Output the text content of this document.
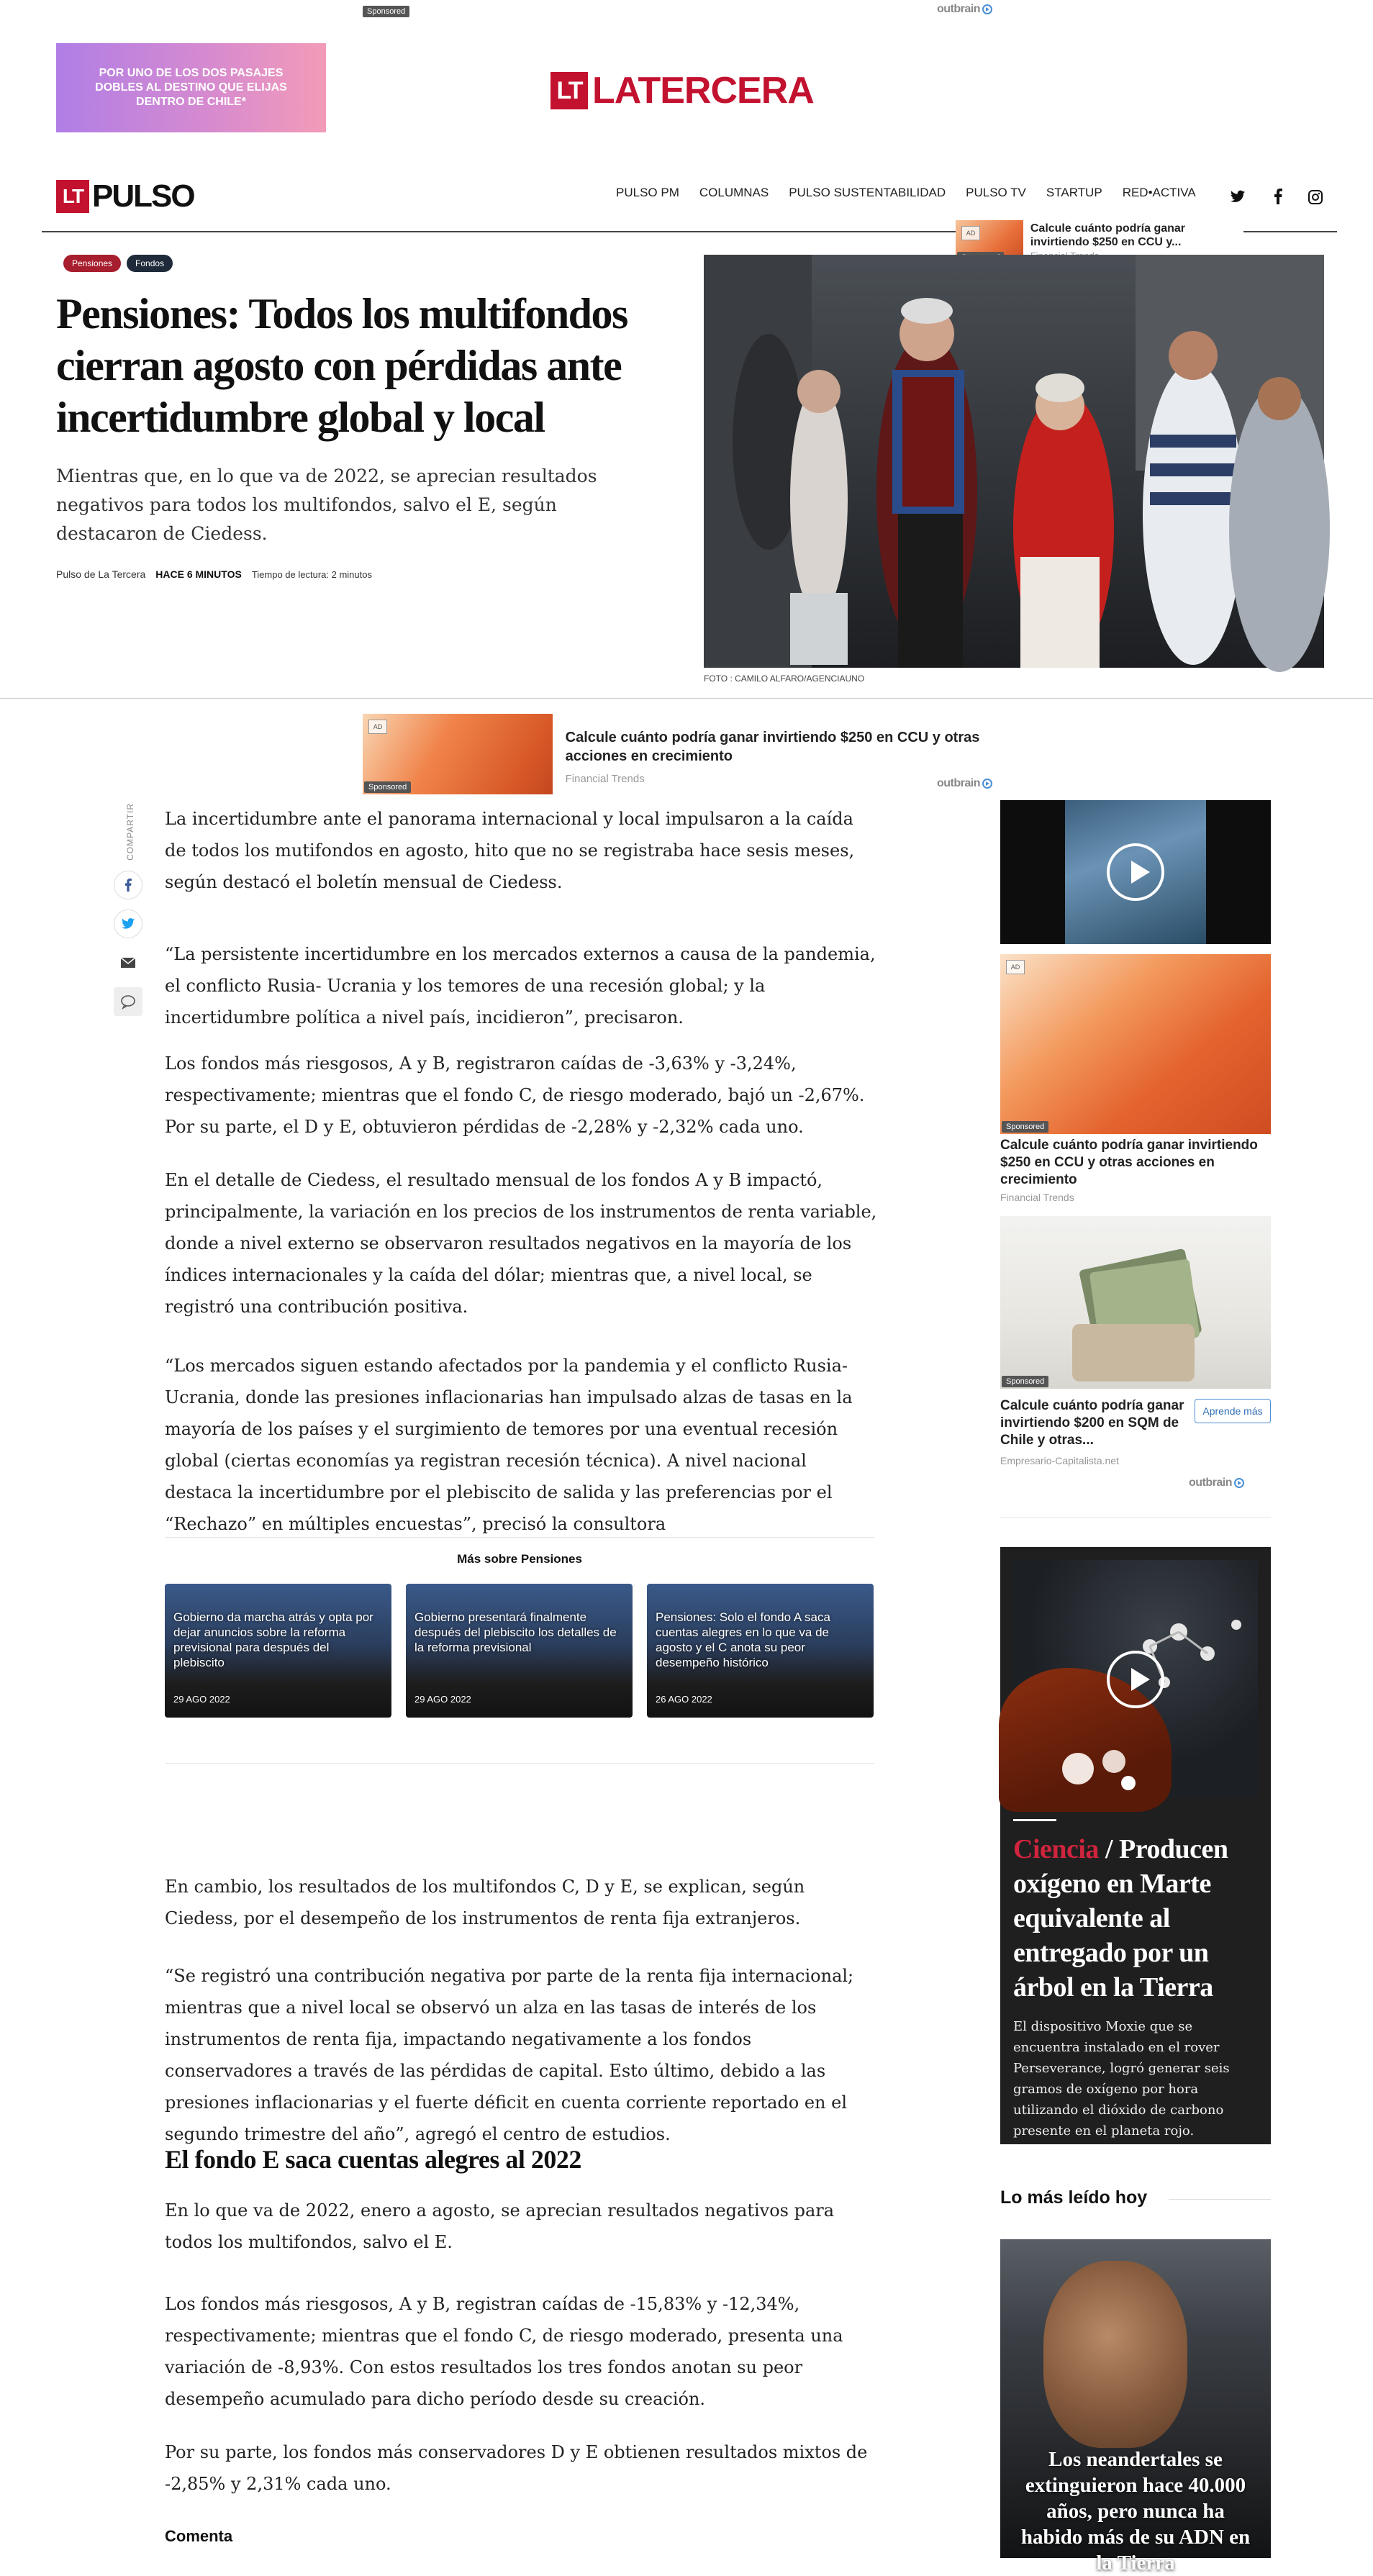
Sponsored	outbrain
POR UNO DE LOS DOS PASAJES DOBLES AL DESTINO QUE ELIJAS DENTRO DE CHILE*	LT LATERCERA
LT PULSO	PULSO PM COLUMNAS PULSO SUSTENTABILIDAD PULSO TV STARTUP RED•ACTIVA
AD	Calcule cuánto podría ganar invirtiendo $250 en CCU y...
Pensiones	Fondos
Pensiones: Todos los multifondos cierran agosto con pérdidas ante incertidumbre global y local

Mientras que, en lo que va de 2022, se aprecian resultados negativos para todos los multifondos, salvo el E, según destacaron de Ciedess.

Pulso de La Tercera HACE 6 MINUTOS Tiempo de lectura: 2 minutos
FOTO : CAMILO ALFARO/AGENCIAUNO
AD
Sponsored
Calcule cuánto podría ganar invirtiendo $250 en CCU y otras acciones en crecimiento
Financial Trends	outbrain
COMPARTIR La incertidumbre ante el panorama internacional y local impulsaron a la caída de todos los mutifondos en agosto, hito que no se registraba hace sesis meses, según destacó el boletín mensual de Ciedess.

“La persistente incertidumbre en los mercados externos a causa de la pandemia, el conflicto Rusia- Ucrania y los temores de una recesión global; y la incertidumbre política a nivel país, incidieron”, precisaron.

Los fondos más riesgosos, A y B, registraron caídas de -3,63% y -3,24%, respectivamente; mientras que el fondo C, de riesgo moderado, bajó un -2,67%. Por su parte, el D y E, obtuvieron pérdidas de -2,28% y -2,32% cada uno.

En el detalle de Ciedess, el resultado mensual de los fondos A y B impactó, principalmente, la variación en los precios de los instrumentos de renta variable, donde a nivel externo se observaron resultados negativos en la mayoría de los índices internacionales y la caída del dólar; mientras que, a nivel local, se registró una contribución positiva.

“Los mercados siguen estando afectados por la pandemia y el conflicto Rusia-Ucrania, donde las presiones inflacionarias han impulsado alzas de tasas en la mayoría de los países y el surgimiento de temores por una eventual recesión global (ciertas economías ya registran recesión técnica). A nivel nacional destaca la incertidumbre por el plebiscito de salida y las preferencias por el “Rechazo” en múltiples encuestas”, precisó la consultora

En cambio, los resultados de los multifondos C, D y E, se explican, según Ciedess, por el desempeño de los instrumentos de renta fija extranjeros.

“Se registró una contribución negativa por parte de la renta fija internacional; mientras que a nivel local se observó un alza en las tasas de interés de los instrumentos de renta fija, impactando negativamente a los fondos conservadores a través de las pérdidas de capital. Esto último, debido a las presiones inflacionarias y el fuerte déficit en cuenta corriente reportado en el segundo trimestre del año”, agregó el centro de estudios.

En lo que va de 2022, enero a agosto, se aprecian resultados negativos para todos los multifondos, salvo el E.

Los fondos más riesgosos, A y B, registran caídas de -15,83% y -12,34%, respectivamente; mientras que el fondo C, de riesgo moderado, presenta una variación de -8,93%. Con estos resultados los tres fondos anotan su peor desempeño acumulado para dicho período desde su creación.

Por su parte, los fondos más conservadores D y E obtienen resultados mixtos de -2,85% y 2,31% cada uno.

Más sobre Pensiones
Gobierno da marcha atrás y opta por dejar anuncios sobre la reforma previsional para después del plebiscito
29 AGO 2022
Gobierno presentará finalmente después del plebiscito los detalles de la reforma previsional
29 AGO 2022
Pensiones: Solo el fondo A saca cuentas alegres en lo que va de agosto y el C anota su peor desempeño histórico
26 AGO 2022
El fondo E saca cuentas alegres al 2022
Comenta
AD
Sponsored
Calcule cuánto podría ganar invirtiendo $250 en CCU y otras acciones en crecimiento
Financial Trends
Sponsored
Calcule cuánto podría ganar invirtiendo $200 en SQM de Chile y otras...
Empresario-Capitalista.net
Aprende más
outbrain
Ciencia / Producen oxígeno en Marte equivalente al entregado por un árbol en la Tierra
El dispositivo Moxie que se encuentra instalado en el rover Perseverance, logró generar seis gramos de oxígeno por hora utilizando el dióxido de carbono presente en el planeta rojo.
Lo más leído hoy
Los neandertales se extinguieron hace 40.000 años, pero nunca ha habido más de su ADN en la Tierra
